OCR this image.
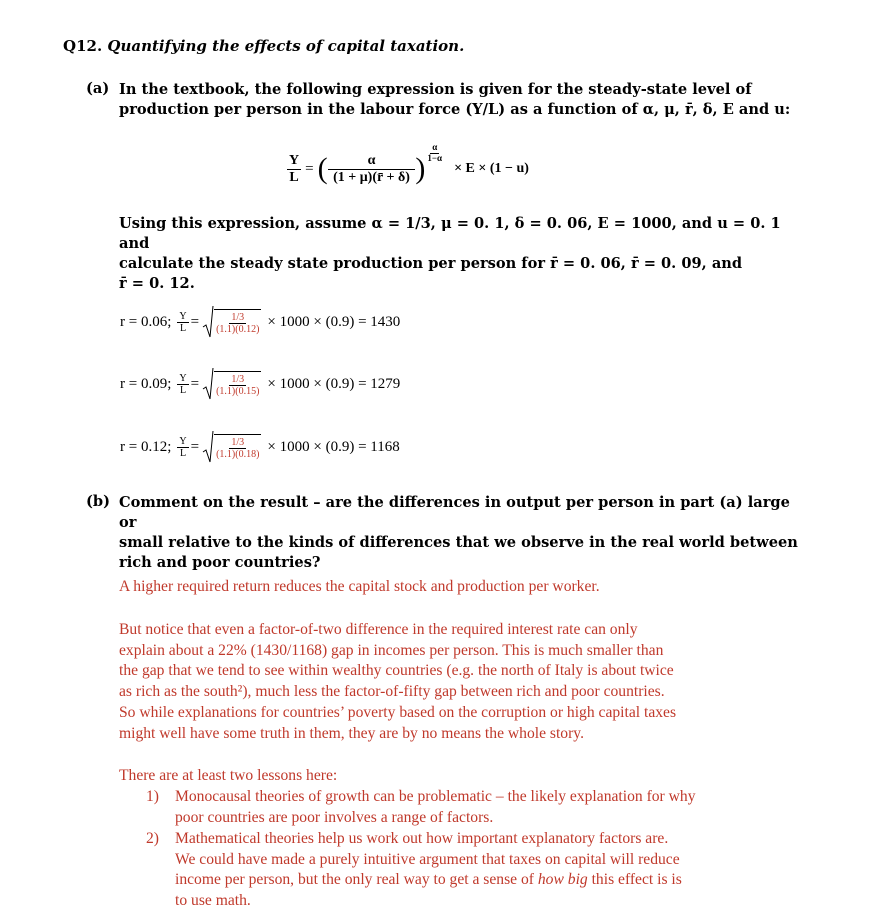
Q12. Quantifying the effects of capital taxation.
(a) In the textbook, the following expression is given for the steady-state level of
production per person in the labour force (Y/L) as a function of α, μ, r̄, δ, E and u:
$\frac{Y}{L}$ = ( $\frac{\alpha}{(1 + \mu)(r̄ + \delta)}$ ) $\frac{\alpha}{1-\alpha}$
× E × (1 − u)
Using this expression, assume α = 1/3, μ = 0. 1, δ = 0. 06, E = 1000, and u = 0. 1 and
calculate the steady state production per person for r̄ = 0. 06, r̄ = 0. 09, and
r̄ = 0. 12.
r = 0.06; $\frac{Y}{L} = \frac{1/3}{(1.1)(0.12)} \times 1000 \times (0.9) = 1430$
r = 0.09; $\frac{Y}{L} = \frac{1/3}{(1.1)(0.15)} \times 1000 \times (0.9) = 1279$
r = 0.12; $\frac{Y}{L} = \frac{1/3}{(1.1)(0.18)} \times 1000 \times (0.9) = 1168$
(b) Comment on the result – are the differences in output per person in part (a) large or
small relative to the kinds of differences that we observe in the real world between
rich and poor countries?
A higher required return reduces the capital stock and production per worker.
But notice that even a factor-of-two difference in the required interest rate can only
explain about a 22% (1430/1168) gap in incomes per person. This is much smaller than
the gap that we tend to see within wealthy countries (e.g. the north of Italy is about twice
as rich as the south²), much less the factor-of-fifty gap between rich and poor countries.
So while explanations for countries’ poverty based on the corruption or high capital taxes
might well have some truth in them, they are by no means the whole story.
There are at least two lessons here:
1) Monocausal theories of growth can be problematic – the likely explanation for why
poor countries are poor involves a range of factors.
2) Mathematical theories help us work out how important explanatory factors are.
We could have made a purely intuitive argument that taxes on capital will reduce
income per person, but the only real way to get a sense of how big this effect is is
to use math.
